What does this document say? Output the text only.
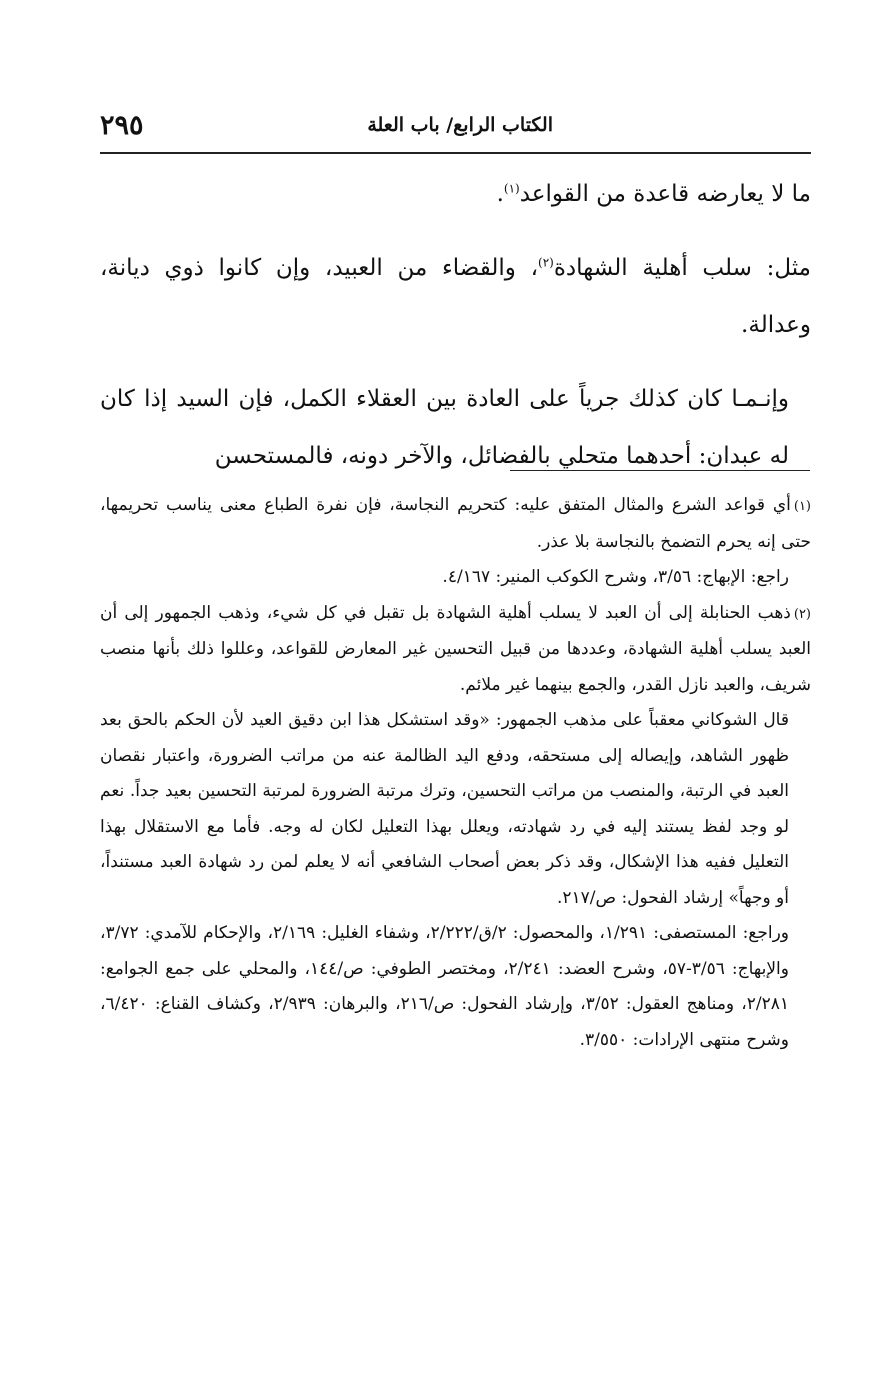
٢٩٥	الكتاب الرابع/ باب العلة

ما لا يعارضه قاعدة من القواعد$^{(١)}$.

مثل: سلب أهلية الشهادة$^{(٢)}$، والقضاء من العبيد، وإن كانوا ذوي ديانة، وعدالة.

وإنـمـا كان كذلك جرياً على العادة بين العقلاء الكمل، فإن السيد إذا كان له عبدان: أحدهما متحلي بالفضائل، والآخر دونه، فالمستحسن

(١)أي قواعد الشرع والمثال المتفق عليه: كتحريم النجاسة، فإن نفرة الطباع معنى يناسب تحريمها، حتى إنه يحرم التضمخ بالنجاسة بلا عذر.

راجع: الإبهاج: ٣/٥٦، وشرح الكوكب المنير: ٤/١٦٧.

(٢)ذهب الحنابلة إلى أن العبد لا يسلب أهلية الشهادة بل تقبل في كل شيء، وذهب الجمهور إلى أن العبد يسلب أهلية الشهادة، وعددها من قبيل التحسين غير المعارض للقواعد، وعللوا ذلك بأنها منصب شريف، والعبد نازل القدر، والجمع بينهما غير ملائم.

قال الشوكاني معقباً على مذهب الجمهور: «وقد استشكل هذا ابن دقيق العيد لأن الحكم بالحق بعد ظهور الشاهد، وإيصاله إلى مستحقه، ودفع اليد الظالمة عنه من مراتب الضرورة، واعتبار نقصان العبد في الرتبة، والمنصب من مراتب التحسين، وترك مرتبة الضرورة لمرتبة التحسين بعيد جداً. نعم لو وجد لفظ يستند إليه في رد شهادته، ويعلل بهذا التعليل لكان له وجه. فأما مع الاستقلال بهذا التعليل ففيه هذا الإشكال، وقد ذكر بعض أصحاب الشافعي أنه لا يعلم لمن رد شهادة العبد مستنداً، أو وجهاً» إرشاد الفحول: ص/٢١٧.

وراجع: المستصفى: ١/٢٩١، والمحصول: ٢/ق/٢/٢٢٢، وشفاء الغليل: ٢/١٦٩، والإحكام للآمدي: ٣/٧٢، والإبهاج: ٣/٥٦-٥٧، وشرح العضد: ٢/٢٤١، ومختصر الطوفي: ص/١٤٤، والمحلي على جمع الجوامع: ٢/٢٨١، ومناهج العقول: ٣/٥٢، وإرشاد الفحول: ص/٢١٦، والبرهان: ٢/٩٣٩، وكشاف القناع: ٦/٤٢٠، وشرح منتهى الإرادات: ٣/٥٥٠.
